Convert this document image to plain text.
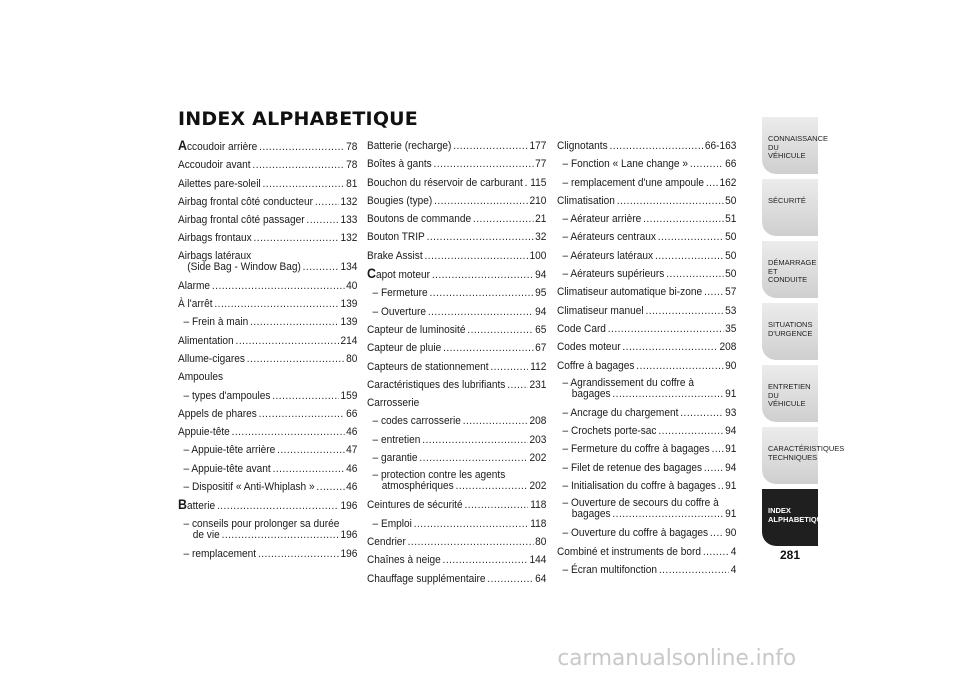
INDEX ALPHABETIQUE
Accoudoir arrière .....	78
Accoudoir avant .....	78
Ailettes pare-soleil .....	81
Airbag frontal côté conducteur ..... 132
Airbag frontal côté passager .....	133
Airbags frontaux .....	132
Airbags latéraux
(Side Bag - Window Bag) .....	134
Alarme .....	40
À l'arrêt .....	139
– Frein à main .....	139
Alimentation .....	214
Allume-cigares .....	80
Ampoules
– types d'ampoules .....	159
Appels de phares .....	66
Appuie-tête .....	46
– Appuie-tête arrière .....	47
– Appuie-tête avant .....	46
– Dispositif « Anti-Whiplash » .....	46
Batterie .....	196
– conseils pour prolonger sa durée
de vie .....	196
– remplacement .....	196
Batterie (recharge) .....	177
Boîtes à gants .....	77
Bouchon du réservoir de carburant ..... 115
Bougies (type) .....	210
Boutons de commande .....	21
Bouton TRIP .....	32
Brake Assist .....	100
Capot moteur .....	94
– Fermeture .....	95
– Ouverture .....	94
Capteur de luminosité .....	65
Capteur de pluie .....	67
Capteurs de stationnement .....	112
Caractéristiques des lubrifiants ..... 231
Carrosserie
– codes carrosserie .....	208
– entretien .....	203
– garantie .....	202
– protection contre les agents
atmosphériques .....	202
Ceintures de sécurité .....	118
– Emploi .....	118
Cendrier .....	80
Chaînes à neige .....	144
Chauffage supplémentaire .....	64
Clignotants .....	66-163
– Fonction « Lane change » .....	66
– remplacement d'une ampoule ..... 162
Climatisation .....	50
– Aérateur arrière .....	51
– Aérateurs centraux .....	50
– Aérateurs latéraux .....	50
– Aérateurs supérieurs .....	50
Climatiseur automatique bi-zone ..... 57
Climatiseur manuel .....	53
Code Card .....	35
Codes moteur .....	208
Coffre à bagages .....	90
– Agrandissement du coffre à
bagages .....	91
– Ancrage du chargement .....	93
– Crochets porte-sac .....	94
– Fermeture du coffre à bagages ..... 91
– Filet de retenue des bagages ..... 94
– Initialisation du coffre à bagages ..... 91
– Ouverture de secours du coffre à
bagages .....	91
– Ouverture du coffre à bagages ..... 90
Combiné et instruments de bord .....	4
– Écran multifonction .....	4
CONNAISSANCE DU VÉHICULE
SÉCURITÉ
DÉMARRAGE ET CONDUITE
SITUATIONS D'URGENCE
ENTRETIEN DU VÉHICULE
CARACTÉRISTIQUES TECHNIQUES
INDEX ALPHABETIQUE
281
carmanualsonline.info
